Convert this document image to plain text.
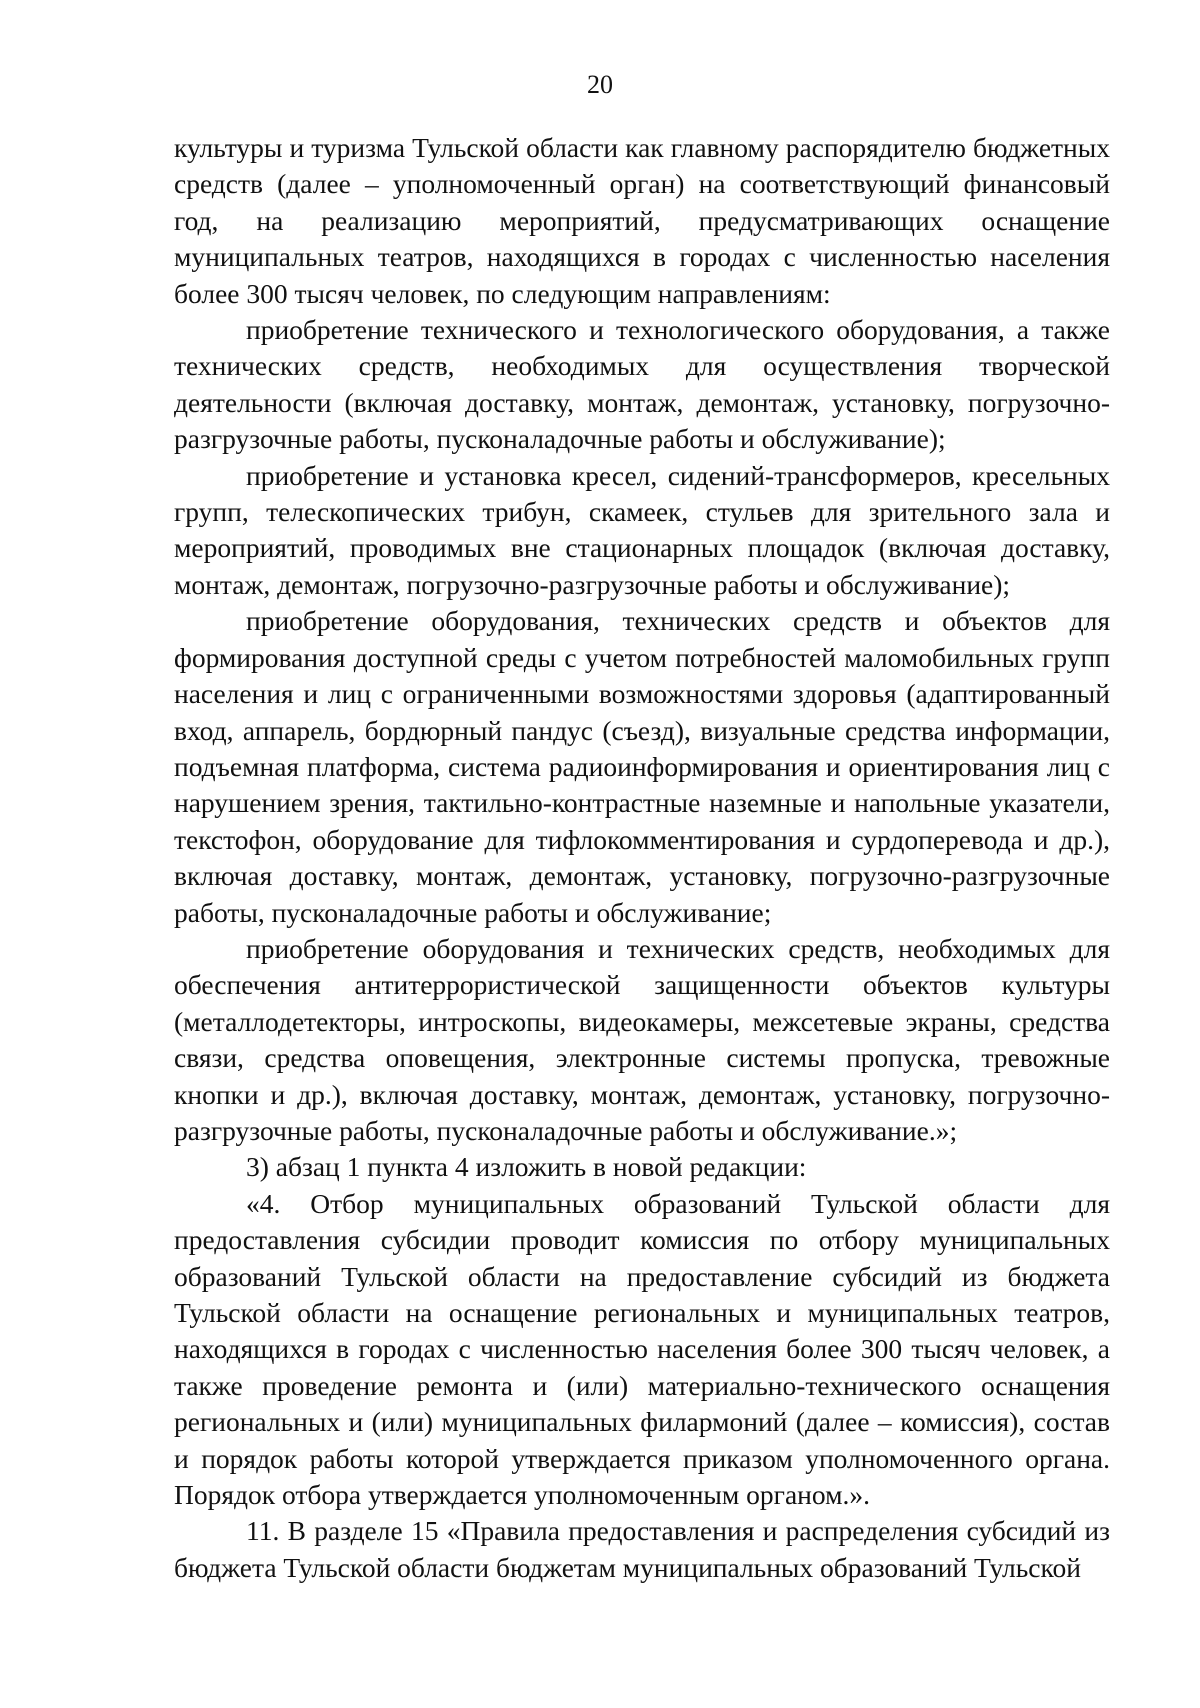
20

культуры и туризма Тульской области как главному распорядителю бюджетных средств (далее – уполномоченный орган) на соответствующий финансовый год, на реализацию мероприятий, предусматривающих оснащение муниципальных театров, находящихся в городах с численностью населения более 300 тысяч человек, по следующим направлениям:

приобретение технического и технологического оборудования, а также технических средств, необходимых для осуществления творческой деятельности (включая доставку, монтаж, демонтаж, установку, погрузочно-разгрузочные работы, пусконаладочные работы и обслуживание);

приобретение и установка кресел, сидений-трансформеров, кресельных групп, телескопических трибун, скамеек, стульев для зрительного зала и мероприятий, проводимых вне стационарных площадок (включая доставку, монтаж, демонтаж, погрузочно-разгрузочные работы и обслуживание);

приобретение оборудования, технических средств и объектов для формирования доступной среды с учетом потребностей маломобильных групп населения и лиц с ограниченными возможностями здоровья (адаптированный вход, аппарель, бордюрный пандус (съезд), визуальные средства информации, подъемная платформа, система радиоинформирования и ориентирования лиц с нарушением зрения, тактильно-контрастные наземные и напольные указатели, текстофон, оборудование для тифлокомментирования и сурдоперевода и др.), включая доставку, монтаж, демонтаж, установку, погрузочно-разгрузочные работы, пусконаладочные работы и обслуживание;

приобретение оборудования и технических средств, необходимых для обеспечения антитеррористической защищенности объектов культуры (металлодетекторы, интроскопы, видеокамеры, межсетевые экраны, средства связи, средства оповещения, электронные системы пропуска, тревожные кнопки и др.), включая доставку, монтаж, демонтаж, установку, погрузочно-разгрузочные работы, пусконаладочные работы и обслуживание.»;

3) абзац 1 пункта 4 изложить в новой редакции:

«4. Отбор муниципальных образований Тульской области для предоставления субсидии проводит комиссия по отбору муниципальных образований Тульской области на предоставление субсидий из бюджета Тульской области на оснащение региональных и муниципальных театров, находящихся в городах с численностью населения более 300 тысяч человек, а также проведение ремонта и (или) материально-технического оснащения региональных и (или) муниципальных филармоний (далее – комиссия), состав и порядок работы которой утверждается приказом уполномоченного органа. Порядок отбора утверждается уполномоченным органом.».

11. В разделе 15 «Правила предоставления и распределения субсидий из бюджета Тульской области бюджетам муниципальных образований Тульской
